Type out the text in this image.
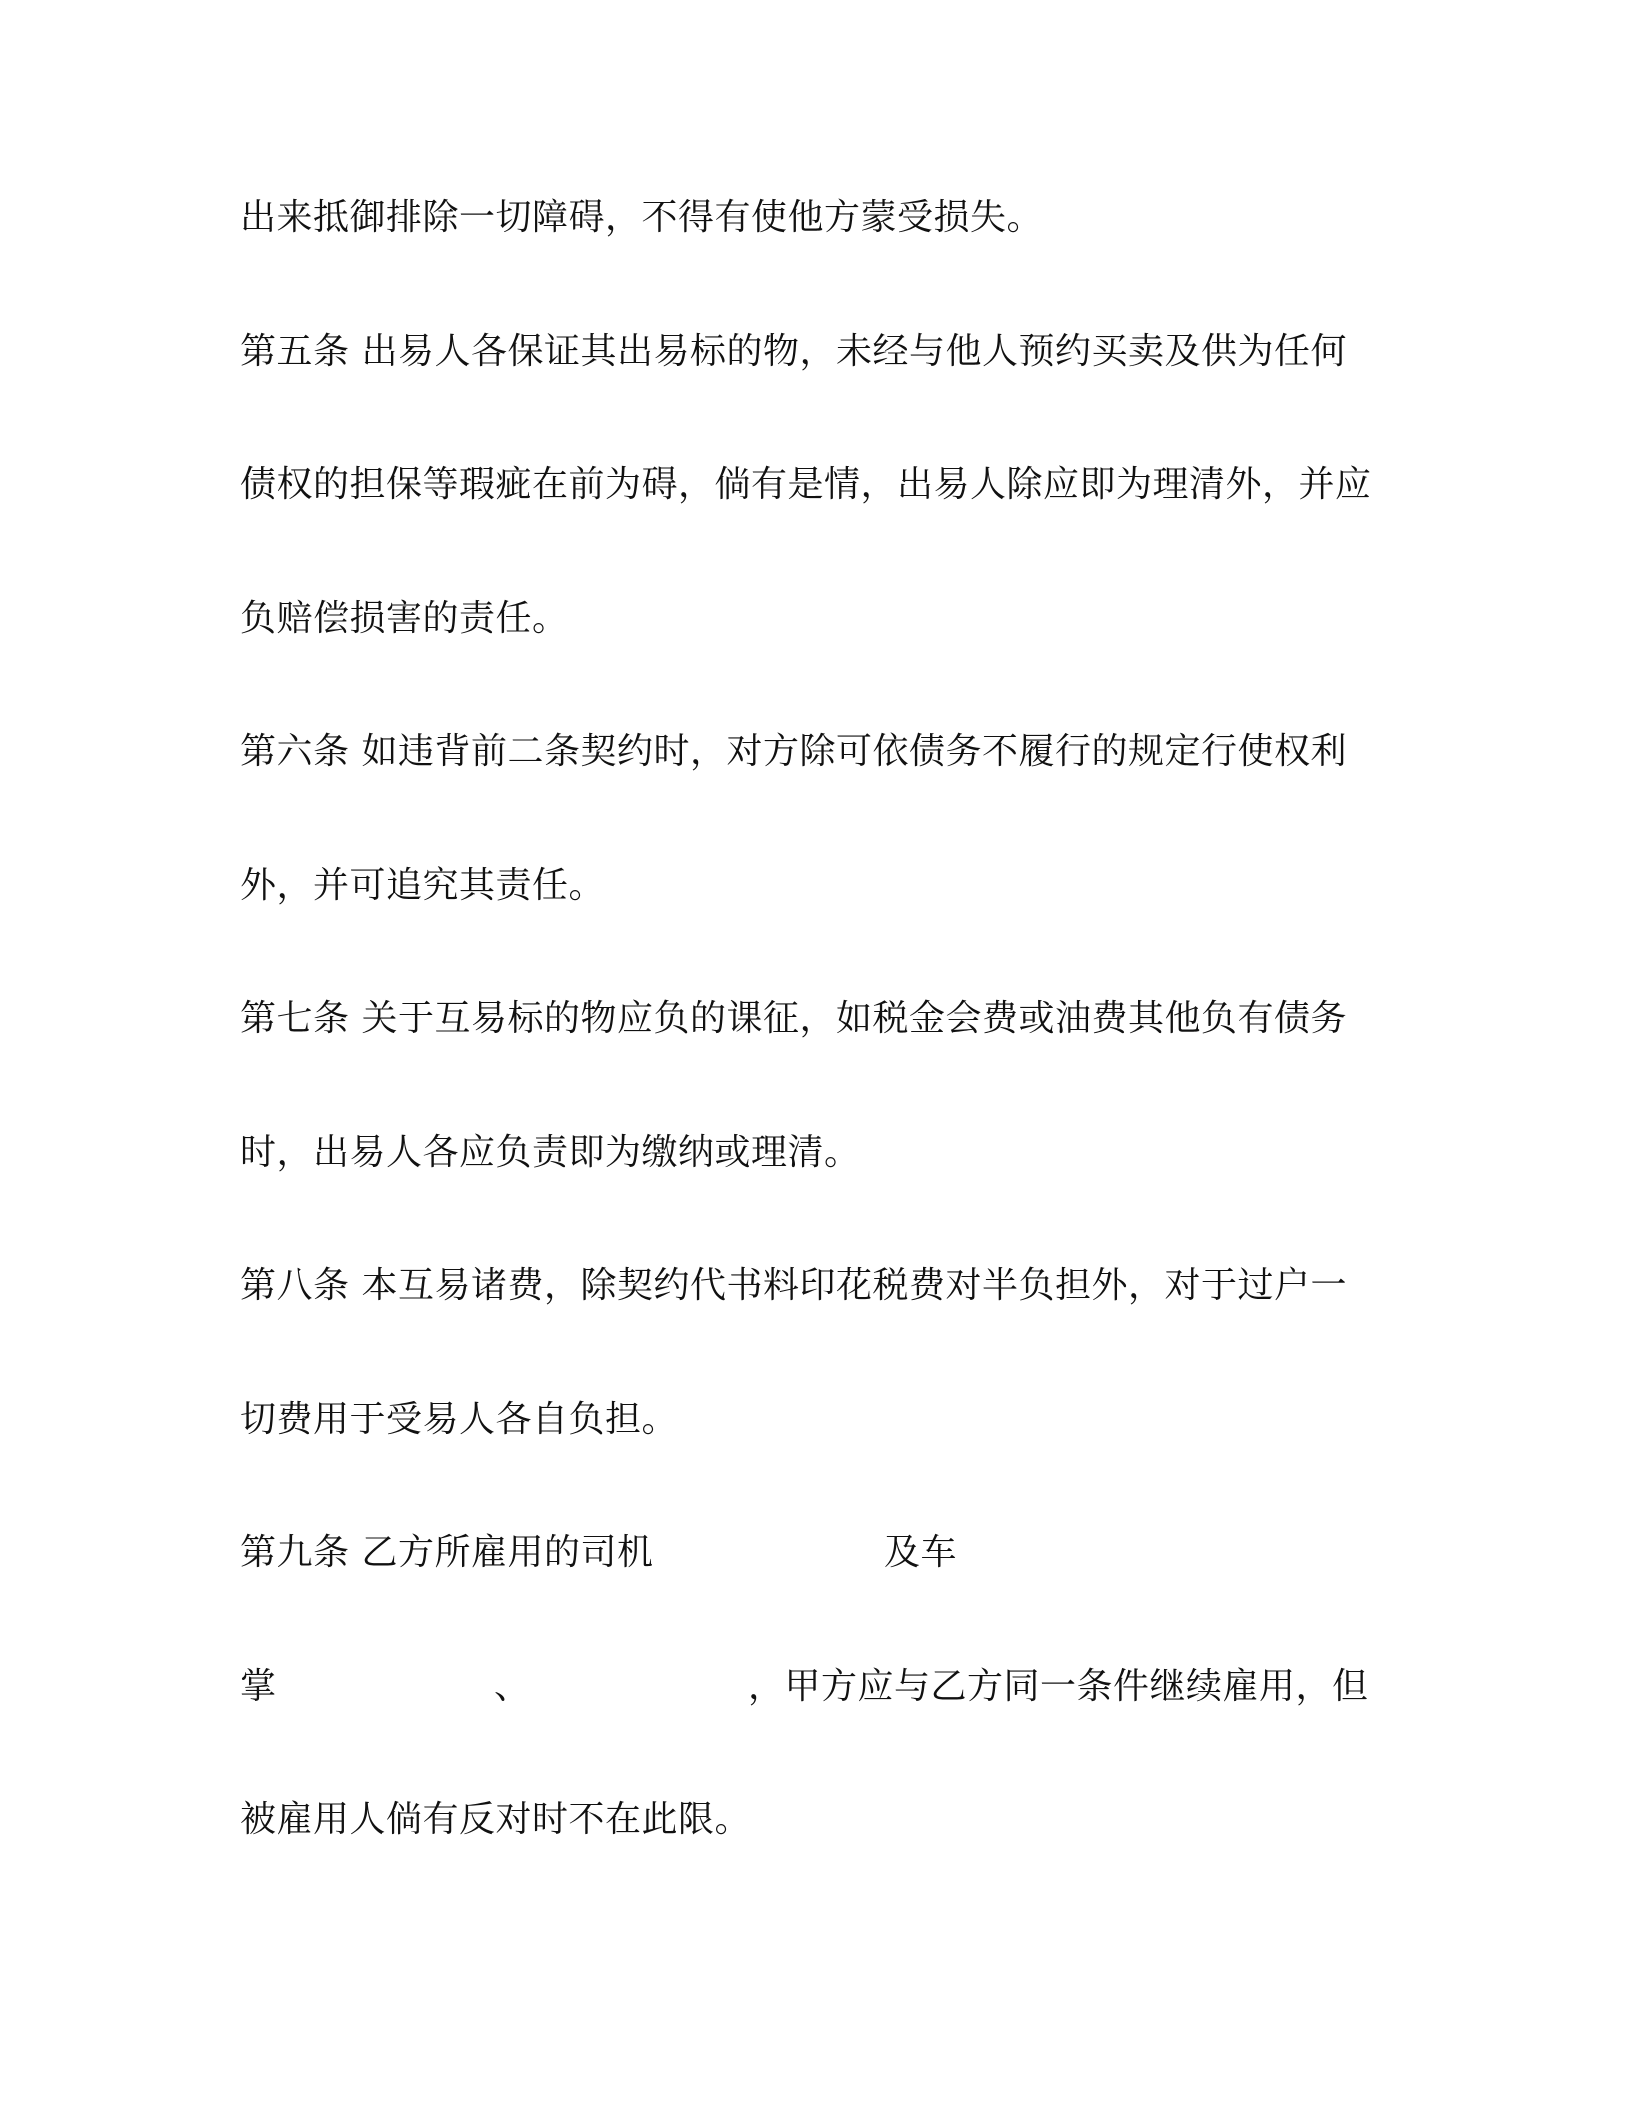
出来抵御排除一切障碍，不得有使他方蒙受损失。
第五条 出易人各保证其出易标的物，未经与他人预约买卖及供为任何
债权的担保等瑕疵在前为碍，倘有是情，出易人除应即为理清外，并应
负赔偿损害的责任。
第六条 如违背前二条契约时，对方除可依债务不履行的规定行使权利
外，并可追究其责任。
第七条 关于互易标的物应负的课征，如税金会费或油费其他负有债务
时，出易人各应负责即为缴纳或理清。
第八条 本互易诸费，除契约代书料印花税费对半负担外，对于过户一
切费用于受易人各自负担。
第九条 乙方所雇用的司机	及车
掌	、	，甲方应与乙方同一条件继续雇用，但
被雇用人倘有反对时不在此限。
